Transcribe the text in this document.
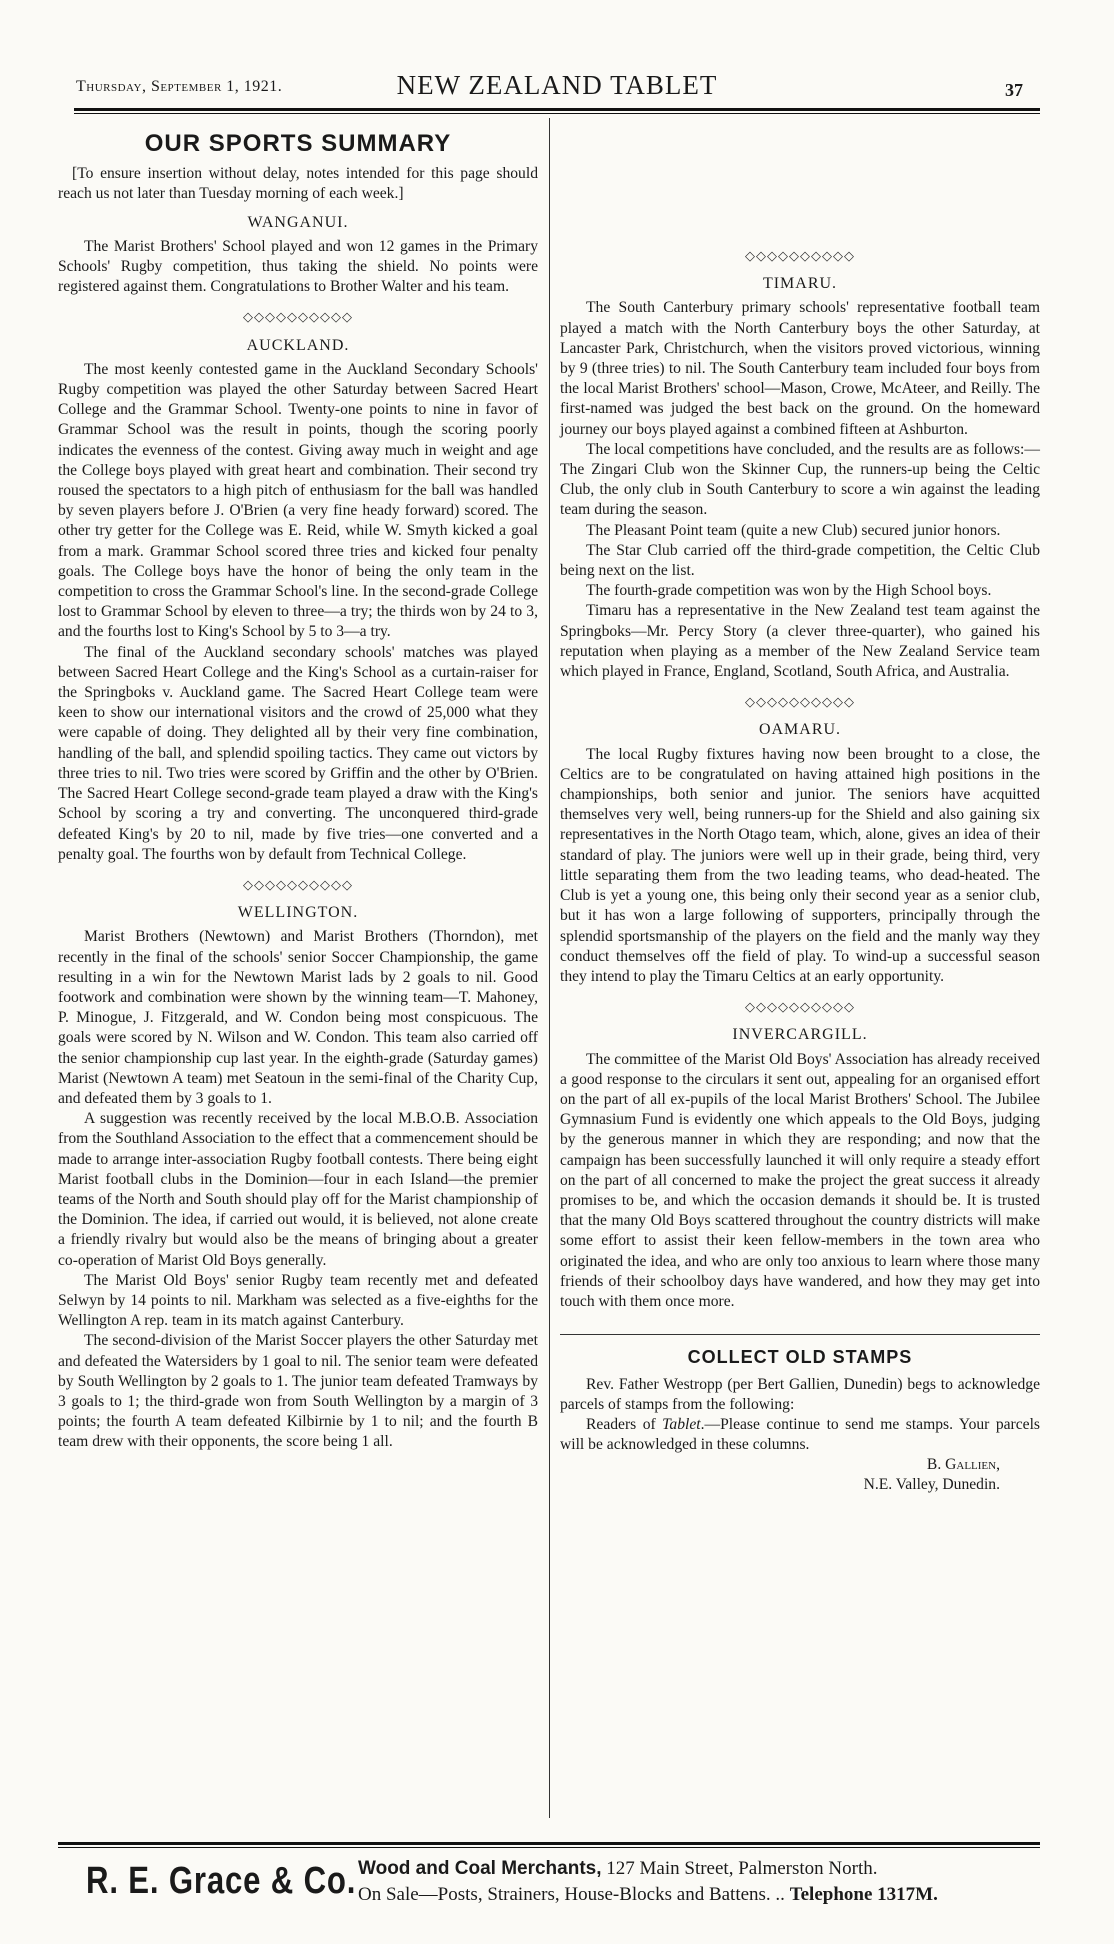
Thursday, September 1, 1921.	NEW ZEALAND TABLET	37
OUR SPORTS SUMMARY

[To ensure insertion without delay, notes intended for this page should reach us not later than Tuesday morning of each week.]

WANGANUI.

The Marist Brothers' School played and won 12 games in the Primary Schools' Rugby competition, thus taking the shield. No points were registered against them. Congratulations to Brother Walter and his team.

◇◇◇◇◇◇◇◇◇◇
AUCKLAND.

The most keenly contested game in the Auckland Secondary Schools' Rugby competition was played the other Saturday between Sacred Heart College and the Grammar School. Twenty-one points to nine in favor of Grammar School was the result in points, though the scoring poorly indicates the evenness of the contest. Giving away much in weight and age the College boys played with great heart and combination. Their second try roused the spectators to a high pitch of enthusiasm for the ball was handled by seven players before J. O'Brien (a very fine heady forward) scored. The other try getter for the College was E. Reid, while W. Smyth kicked a goal from a mark. Grammar School scored three tries and kicked four penalty goals. The College boys have the honor of being the only team in the competition to cross the Grammar School's line. In the second-grade College lost to Grammar School by eleven to three—a try; the thirds won by 24 to 3, and the fourths lost to King's School by 5 to 3—a try.

The final of the Auckland secondary schools' matches was played between Sacred Heart College and the King's School as a curtain-raiser for the Springboks v. Auckland game. The Sacred Heart College team were keen to show our international visitors and the crowd of 25,000 what they were capable of doing. They delighted all by their very fine combination, handling of the ball, and splendid spoiling tactics. They came out victors by three tries to nil. Two tries were scored by Griffin and the other by O'Brien. The Sacred Heart College second-grade team played a draw with the King's School by scoring a try and converting. The unconquered third-grade defeated King's by 20 to nil, made by five tries—one converted and a penalty goal. The fourths won by default from Technical College.

◇◇◇◇◇◇◇◇◇◇
WELLINGTON.

Marist Brothers (Newtown) and Marist Brothers (Thorndon), met recently in the final of the schools' senior Soccer Championship, the game resulting in a win for the Newtown Marist lads by 2 goals to nil. Good footwork and combination were shown by the winning team—T. Mahoney, P. Minogue, J. Fitzgerald, and W. Condon being most conspicuous. The goals were scored by N. Wilson and W. Condon. This team also carried off the senior championship cup last year. In the eighth-grade (Saturday games) Marist (Newtown A team) met Seatoun in the semi-final of the Charity Cup, and defeated them by 3 goals to 1.

A suggestion was recently received by the local M.B.O.B. Association from the Southland Association to the effect that a commencement should be made to arrange inter-association Rugby football contests. There being eight Marist football clubs in the Dominion—four in each Island—the premier teams of the North and South should play off for the Marist championship of the Dominion. The idea, if carried out would, it is believed, not alone create a friendly rivalry but would also be the means of bringing about a greater co-operation of Marist Old Boys generally.

The Marist Old Boys' senior Rugby team recently met and defeated Selwyn by 14 points to nil. Markham was selected as a five-eighths for the Wellington A rep. team in its match against Canterbury.

The second-division of the Marist Soccer players the other Saturday met and defeated the Watersiders by 1 goal to nil. The senior team were defeated by South Wellington by 2 goals to 1. The junior team defeated Tramways by 3 goals to 1; the third-grade won from South Wellington by a margin of 3 points; the fourth A team defeated Kilbirnie by 1 to nil; and the fourth B team drew with their opponents, the score being 1 all.

◇◇◇◇◇◇◇◇◇◇
TIMARU.

The South Canterbury primary schools' representative football team played a match with the North Canterbury boys the other Saturday, at Lancaster Park, Christchurch, when the visitors proved victorious, winning by 9 (three tries) to nil. The South Canterbury team included four boys from the local Marist Brothers' school—Mason, Crowe, McAteer, and Reilly. The first-named was judged the best back on the ground. On the homeward journey our boys played against a combined fifteen at Ashburton.

The local competitions have concluded, and the results are as follows:—The Zingari Club won the Skinner Cup, the runners-up being the Celtic Club, the only club in South Canterbury to score a win against the leading team during the season.

The Pleasant Point team (quite a new Club) secured junior honors.

The Star Club carried off the third-grade competition, the Celtic Club being next on the list.

The fourth-grade competition was won by the High School boys.

Timaru has a representative in the New Zealand test team against the Springboks—Mr. Percy Story (a clever three-quarter), who gained his reputation when playing as a member of the New Zealand Service team which played in France, England, Scotland, South Africa, and Australia.

◇◇◇◇◇◇◇◇◇◇
OAMARU.

The local Rugby fixtures having now been brought to a close, the Celtics are to be congratulated on having attained high positions in the championships, both senior and junior. The seniors have acquitted themselves very well, being runners-up for the Shield and also gaining six representatives in the North Otago team, which, alone, gives an idea of their standard of play. The juniors were well up in their grade, being third, very little separating them from the two leading teams, who dead-heated. The Club is yet a young one, this being only their second year as a senior club, but it has won a large following of supporters, principally through the splendid sportsmanship of the players on the field and the manly way they conduct themselves off the field of play. To wind-up a successful season they intend to play the Timaru Celtics at an early opportunity.

◇◇◇◇◇◇◇◇◇◇
INVERCARGILL.

The committee of the Marist Old Boys' Association has already received a good response to the circulars it sent out, appealing for an organised effort on the part of all ex-pupils of the local Marist Brothers' School. The Jubilee Gymnasium Fund is evidently one which appeals to the Old Boys, judging by the generous manner in which they are responding; and now that the campaign has been successfully launched it will only require a steady effort on the part of all concerned to make the project the great success it already promises to be, and which the occasion demands it should be. It is trusted that the many Old Boys scattered throughout the country districts will make some effort to assist their keen fellow-members in the town area who originated the idea, and who are only too anxious to learn where those many friends of their schoolboy days have wandered, and how they may get into touch with them once more.

COLLECT OLD STAMPS

Rev. Father Westropp (per Bert Gallien, Dunedin) begs to acknowledge parcels of stamps from the following:

Readers of Tablet.—Please continue to send me stamps. Your parcels will be acknowledged in these columns.

B. Gallien,
N.E. Valley, Dunedin.
R. E. Grace & Co. Wood and Coal Merchants, 127 Main Street, Palmerston North.
On Sale—Posts, Strainers, House-Blocks and Battens. .. Telephone 1317M.
